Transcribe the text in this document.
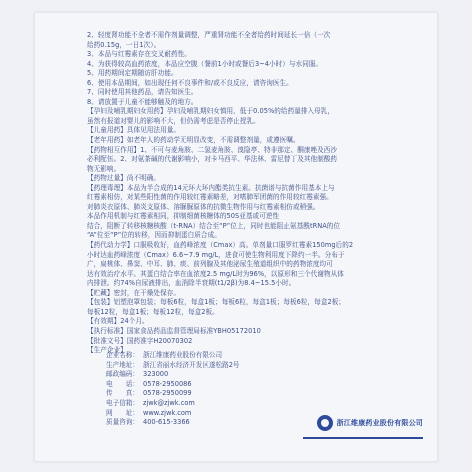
2、轻度肾功能不全者不需作剂量调整，严重肾功能不全者给药时间延长一倍（一次
给药0.15g，一日1次）。
3、本品与红霉素存在交叉耐药性。
4、为获得较高血药浓度，本品应空腹（餐前1小时或餐后3~4小时）与水同服。
5、用药期间定期随访肝功能。
6、使用本品期间，如出现任何不良事件和/或不良反应，请咨询医生。
7、同时使用其他药品，请告知医生。
8、请放置于儿童不能够触及的地方。
【孕妇及哺乳期妇女用药】孕妇及哺乳期妇女慎用，低于0.05%的给药量排入母乳，
虽然有报道对婴儿的影响不大，但仍需考虑是否停止授乳。
【儿童用药】具体见用法用量。
【老年用药】如老年人的药动学无明显改变，不需调整剂量，或遵医嘱。
【药物相互作用】1、不可与麦角胺、二氢麦角胺、溴隐亭、特非那定、酮康唑及西沙
必利配伍。2、对氨茶碱的代谢影响小，对卡马西平、华法林、雷尼替丁及其他制酸药
物无影响。
【药物过量】尚不明确。
【药理毒理】本品为半合成的14元环大环内酯类抗生素。抗菌谱与抗菌作用基本上与
红霉素相仿，对某些阳性菌的作用较红霉素略差，对嗜肺军团菌的作用较红霉素强。
对肺炎衣原体、肺炎支原体、溶脲脲原体的抗微生物作用与红霉素相仿或稍强。
本品作用机制与红霉素相同，抑制细菌核糖体的50S亚基或可逆性
结合，阻断了转移核糖核酸（t-RNA）结合至“P”位上，同时也能阻止氨基酰tRNA的位
“A”位至“P”位的转移，因而抑制蛋白质合成。
【药代动力学】口服吸收好，血药峰浓度（Cmax）高。单剂量口服罗红霉素150mg后的2
小时达血药峰浓度（Cmax）6.6~7.9 mg/L，进食可使生物利用度下降约一半。分布于
广，扁桃体、鼻窦、中耳、肺、痰、前列腺及其他泌尿生殖道组织中的药物浓度均可
达有效治疗水平。其蛋白结合率在血浓度2.5 mg/L时为96%，以原形和三个代谢物从体
内排泄。约74%自尿液排出，血消除半衰期(t1/2β)为8.4~15.5小时。
【贮藏】密封，在干燥处保存。
【包装】铝塑泡罩包装；每板6粒，每盒1板；每板6粒，每盒1板；每板6粒，每盒2板；
每板12粒，每盒1板；每板12粒，每盒2板。
【有效期】24个月。
【执行标准】国家食品药品监督管理局标准YBH05172010
【批准文号】国药准字H20070302
【生产企业】
企业名称： 浙江维康药业股份有限公司
生产地址： 浙江省丽水经济开发区遂松路2号
邮政编码： 323000
电　　话： 0578-2950086
传　　真： 0578-2950099
电子信箱： zjwk@zjwk.com
网　　址： www.zjwk.com
质量咨询： 400-615-3366	浙江维康药业股份有限公司
